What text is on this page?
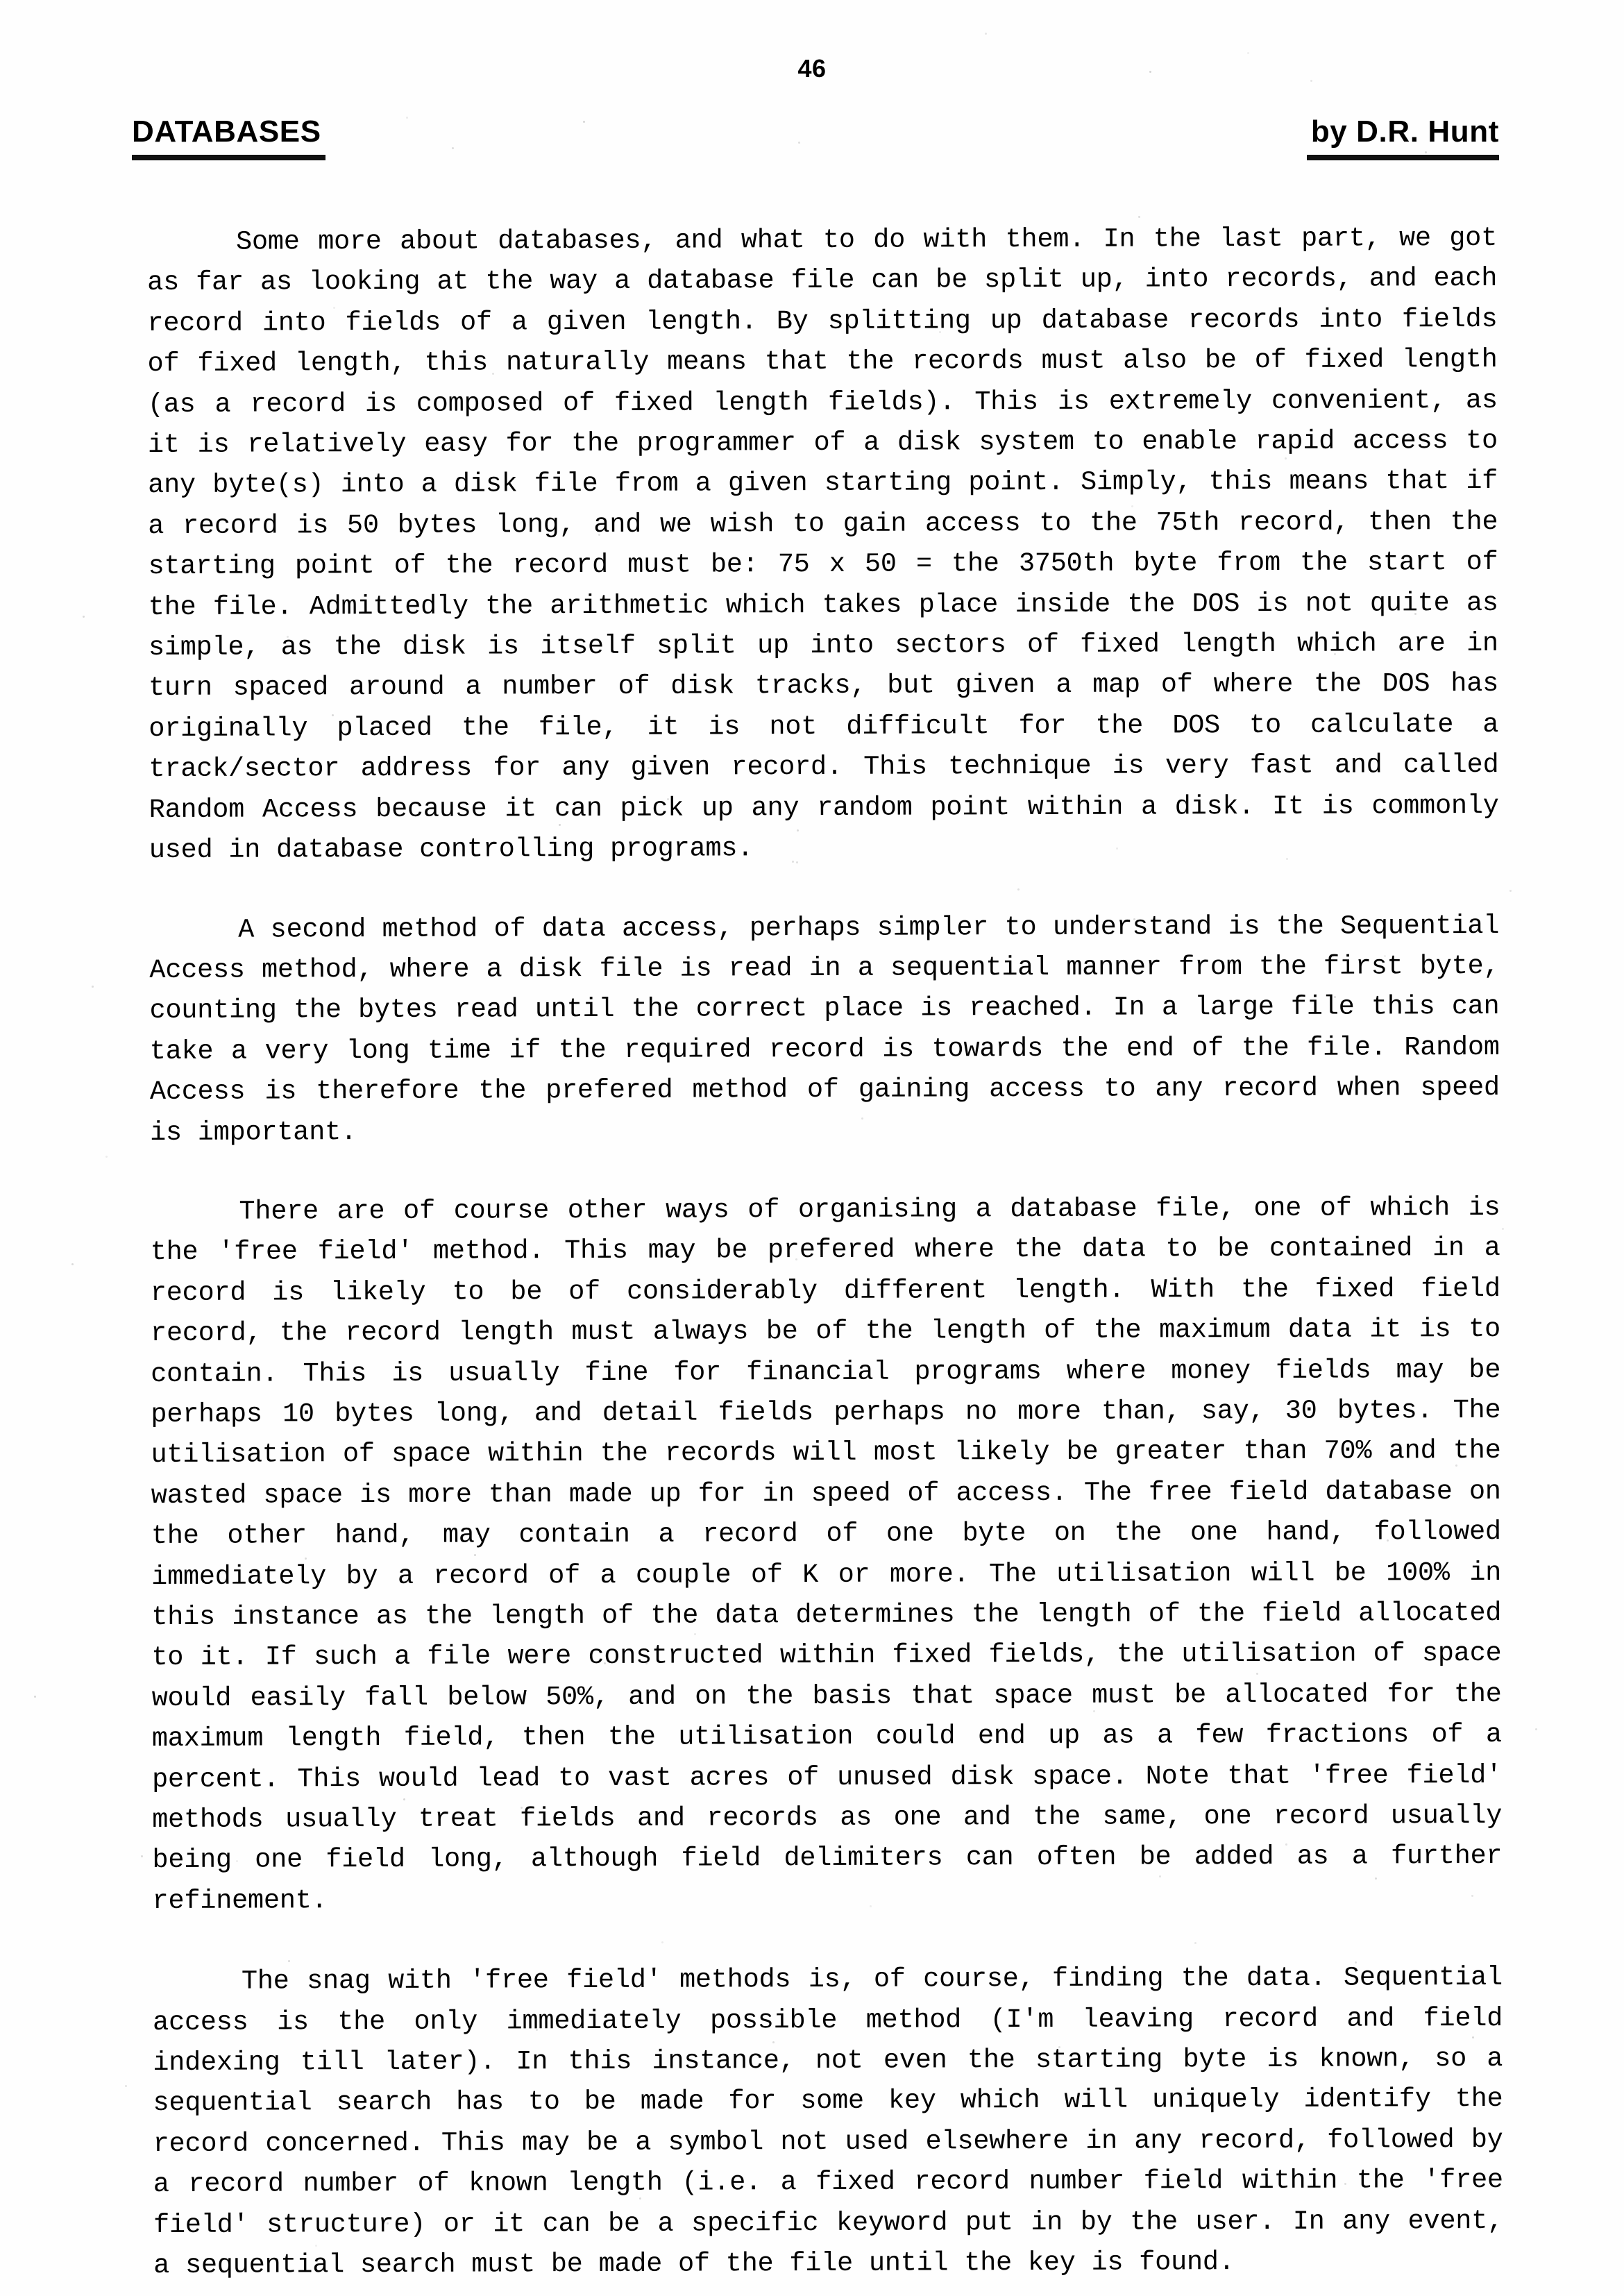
46
DATABASES	by D.R. Hunt

Some more about databases, and what to do with them. In the last part, we got as far as looking at the way a database file can be split up, into records, and each record into fields of a given length. By splitting up database records into fields of fixed length, this naturally means that the records must also be of fixed length (as a record is composed of fixed length fields). This is extremely convenient, as it is relatively easy for the programmer of a disk system to enable rapid access to any byte(s) into a disk file from a given starting point. Simply, this means that if a record is 50 bytes long, and we wish to gain access to the 75th record, then the starting point of the record must be: 75 x 50 = the 3750th byte from the start of the file. Admittedly the arithmetic which takes place inside the DOS is not quite as simple, as the disk is itself split up into sectors of fixed length which are in turn spaced around a number of disk tracks, but given a map of where the DOS has originally placed the file, it is not difficult for the DOS to calculate a track/sector address for any given record. This technique is very fast and called Random Access because it can pick up any random point within a disk. It is commonly used in database controlling programs.

A second method of data access, perhaps simpler to understand is the Sequential Access method, where a disk file is read in a sequential manner from the first byte, counting the bytes read until the correct place is reached. In a large file this can take a very long time if the required record is towards the end of the file. Random Access is therefore the prefered method of gaining access to any record when speed is important.

There are of course other ways of organising a database file, one of which is the 'free field' method. This may be prefered where the data to be contained in a record is likely to be of considerably different length. With the fixed field record, the record length must always be of the length of the maximum data it is to contain. This is usually fine for financial programs where money fields may be perhaps 10 bytes long, and detail fields perhaps no more than, say, 30 bytes. The utilisation of space within the records will most likely be greater than 70% and the wasted space is more than made up for in speed of access. The free field database on the other hand, may contain a record of one byte on the one hand, followed immediately by a record of a couple of K or more. The utilisation will be 100% in this instance as the length of the data determines the length of the field allocated to it. If such a file were constructed within fixed fields, the utilisation of space would easily fall below 50%, and on the basis that space must be allocated for the maximum length field, then the utilisation could end up as a few fractions of a percent. This would lead to vast acres of unused disk space. Note that 'free field' methods usually treat fields and records as one and the same, one record usually being one field long, although field delimiters can often be added as a further refinement.

The snag with 'free field' methods is, of course, finding the data. Sequential access is the only immediately possible method (I'm leaving record and field indexing till later). In this instance, not even the starting byte is known, so a sequential search has to be made for some key which will uniquely identify the record concerned. This may be a symbol not used elsewhere in any record, followed by a record number of known length (i.e. a fixed record number field within the 'free field' structure) or it can be a specific keyword put in by the user. In any event, a sequential search must be made of the file until the key is found.
